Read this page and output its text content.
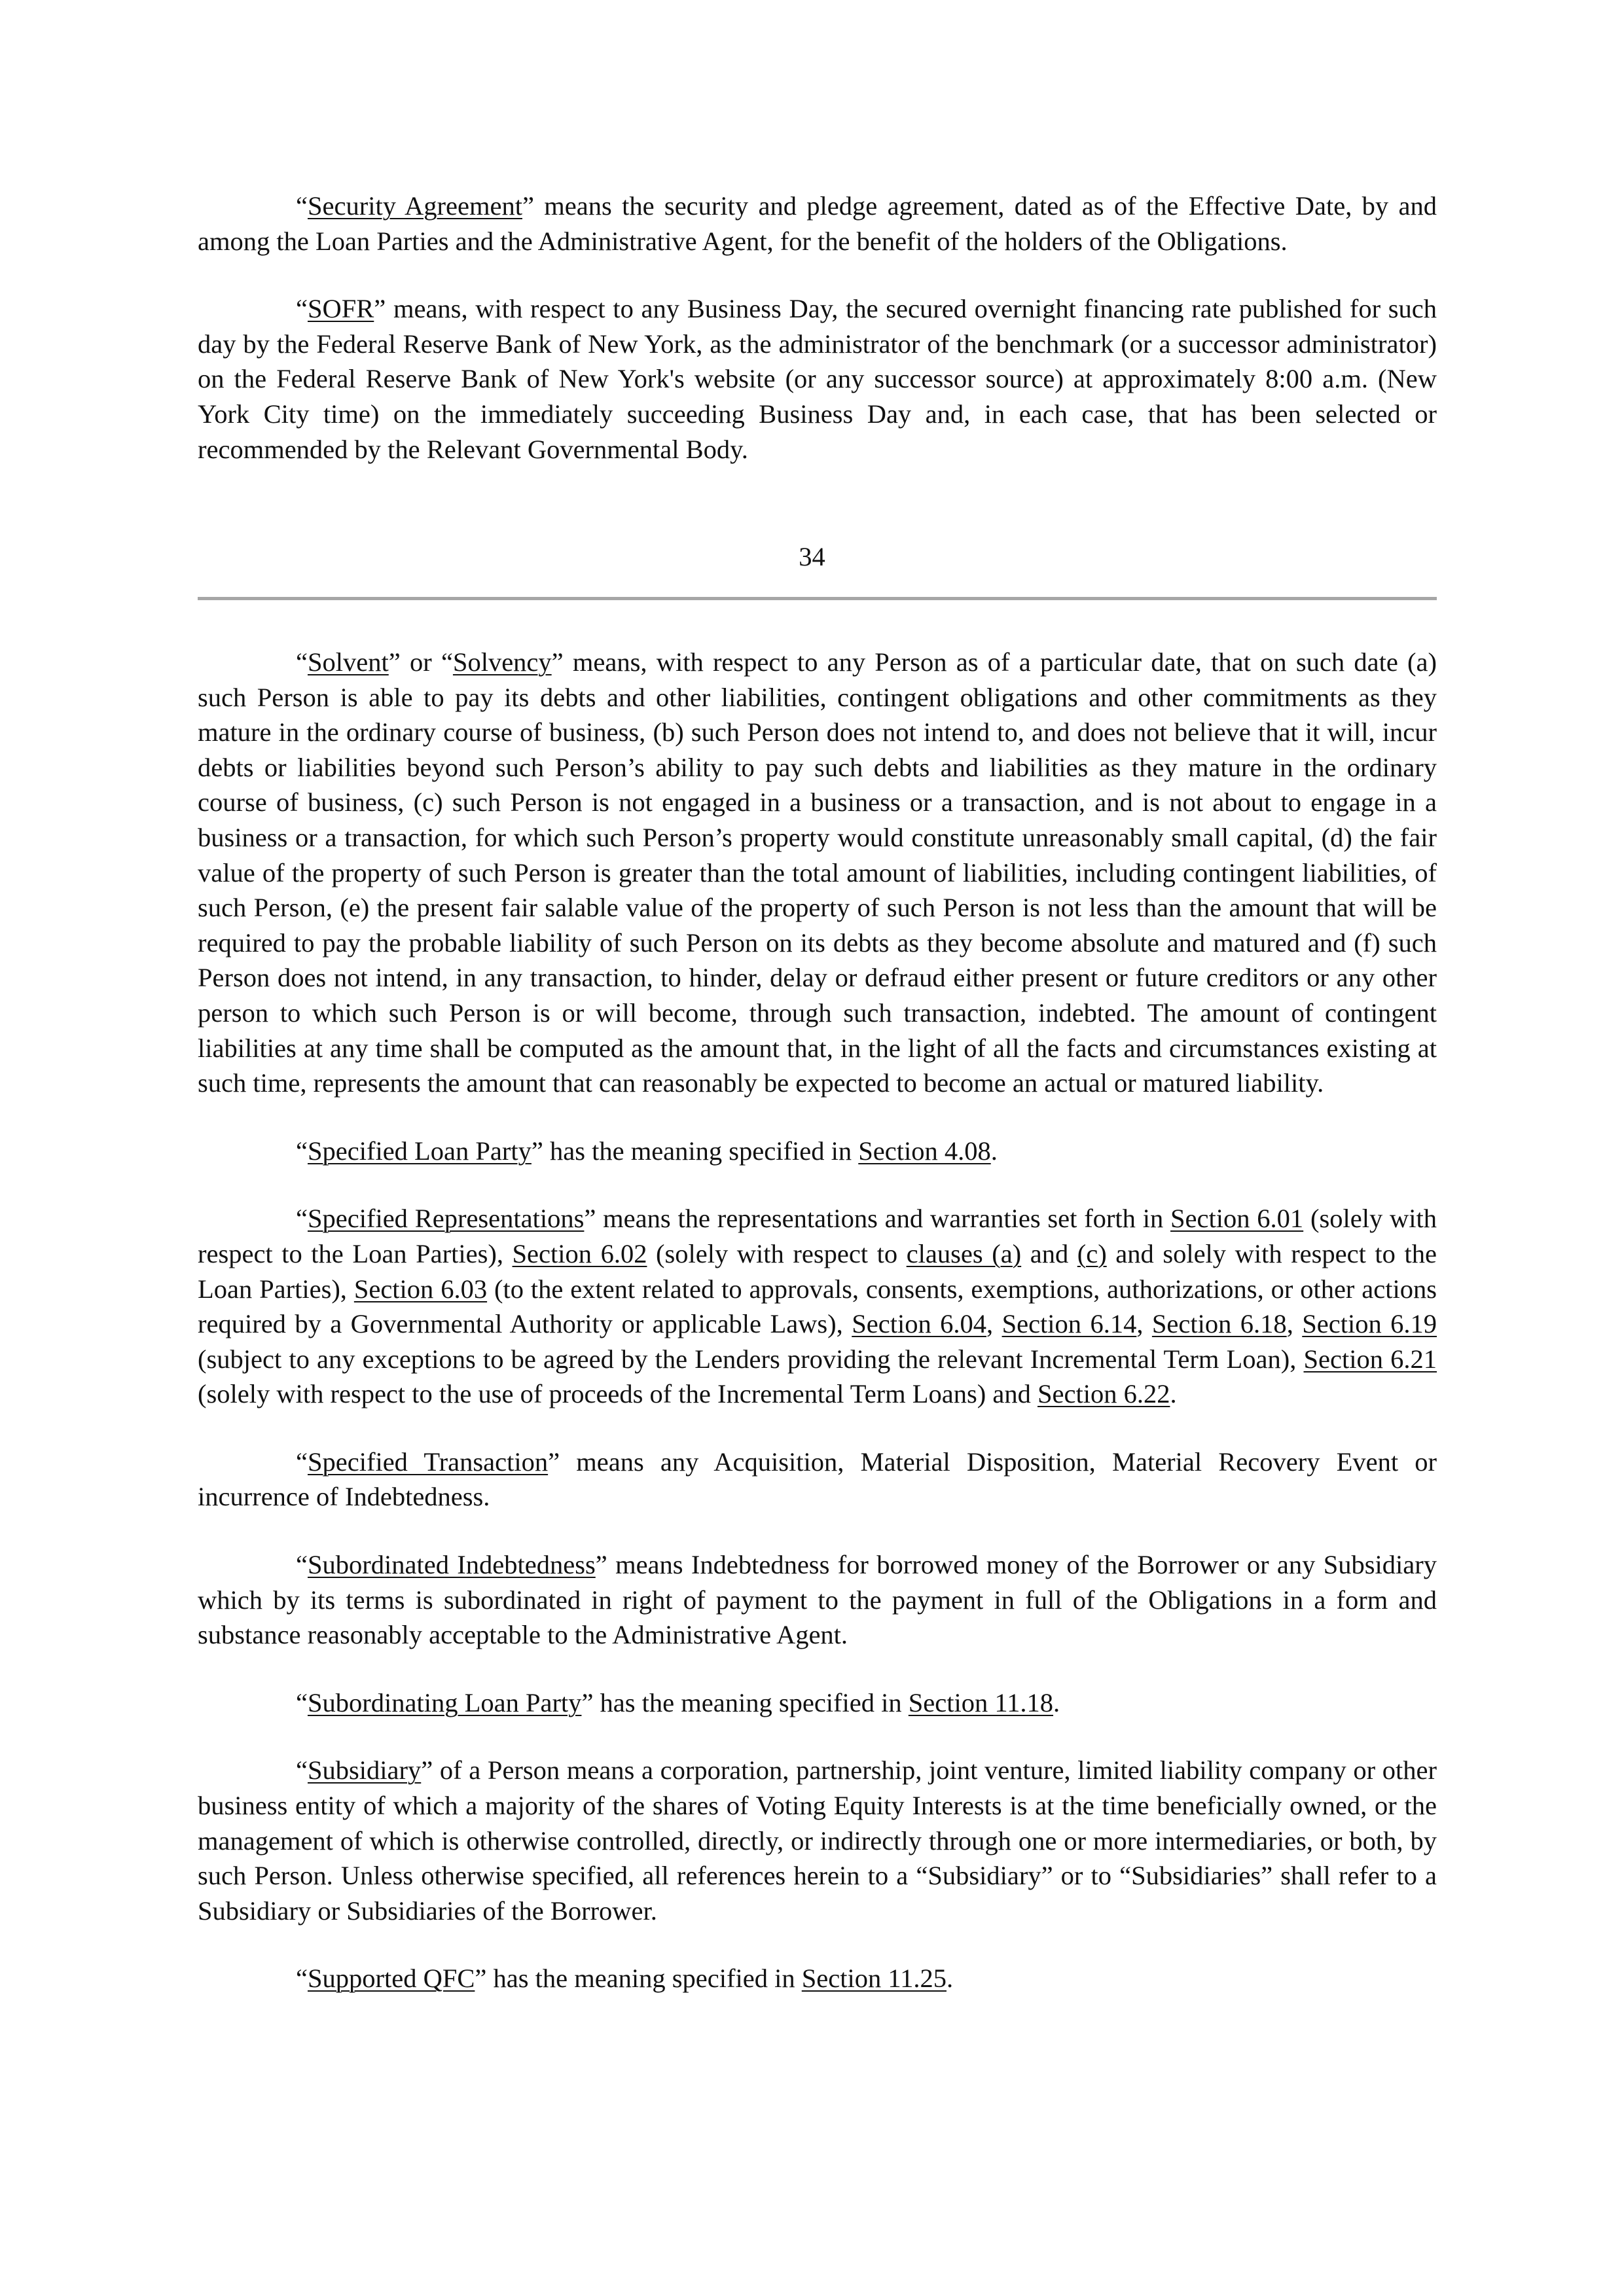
“Security Agreement” means the security and pledge agreement, dated as of the Effective Date, by and among the Loan Parties and the Administrative Agent, for the benefit of the holders of the Obligations.

“SOFR” means, with respect to any Business Day, the secured overnight financing rate published for such day by the Federal Reserve Bank of New York, as the administrator of the benchmark (or a successor administrator) on the Federal Reserve Bank of New York's website (or any successor source) at approximately 8:00 a.m. (New York City time) on the immediately succeeding Business Day and, in each case, that has been selected or recommended by the Relevant Governmental Body.

34

“Solvent” or “Solvency” means, with respect to any Person as of a particular date, that on such date (a) such Person is able to pay its debts and other liabilities, contingent obligations and other commitments as they mature in the ordinary course of business, (b) such Person does not intend to, and does not believe that it will, incur debts or liabilities beyond such Person’s ability to pay such debts and liabilities as they mature in the ordinary course of business, (c) such Person is not engaged in a business or a transaction, and is not about to engage in a business or a transaction, for which such Person’s property would constitute unreasonably small capital, (d) the fair value of the property of such Person is greater than the total amount of liabilities, including contingent liabilities, of such Person, (e) the present fair salable value of the property of such Person is not less than the amount that will be required to pay the probable liability of such Person on its debts as they become absolute and matured and (f) such Person does not intend, in any transaction, to hinder, delay or defraud either present or future creditors or any other person to which such Person is or will become, through such transaction, indebted. The amount of contingent liabilities at any time shall be computed as the amount that, in the light of all the facts and circumstances existing at such time, represents the amount that can reasonably be expected to become an actual or matured liability.

“Specified Loan Party” has the meaning specified in Section 4.08.

“Specified Representations” means the representations and warranties set forth in Section 6.01 (solely with respect to the Loan Parties), Section 6.02 (solely with respect to clauses (a) and (c) and solely with respect to the Loan Parties), Section 6.03 (to the extent related to approvals, consents, exemptions, authorizations, or other actions required by a Governmental Authority or applicable Laws), Section 6.04, Section 6.14, Section 6.18, Section 6.19 (subject to any exceptions to be agreed by the Lenders providing the relevant Incremental Term Loan), Section 6.21 (solely with respect to the use of proceeds of the Incremental Term Loans) and Section 6.22.

“Specified Transaction” means any Acquisition, Material Disposition, Material Recovery Event or incurrence of Indebtedness.

“Subordinated Indebtedness” means Indebtedness for borrowed money of the Borrower or any Subsidiary which by its terms is subordinated in right of payment to the payment in full of the Obligations in a form and substance reasonably acceptable to the Administrative Agent.

“Subordinating Loan Party” has the meaning specified in Section 11.18.

“Subsidiary” of a Person means a corporation, partnership, joint venture, limited liability company or other business entity of which a majority of the shares of Voting Equity Interests is at the time beneficially owned, or the management of which is otherwise controlled, directly, or indirectly through one or more intermediaries, or both, by such Person. Unless otherwise specified, all references herein to a “Subsidiary” or to “Subsidiaries” shall refer to a Subsidiary or Subsidiaries of the Borrower.

“Supported QFC” has the meaning specified in Section 11.25.
